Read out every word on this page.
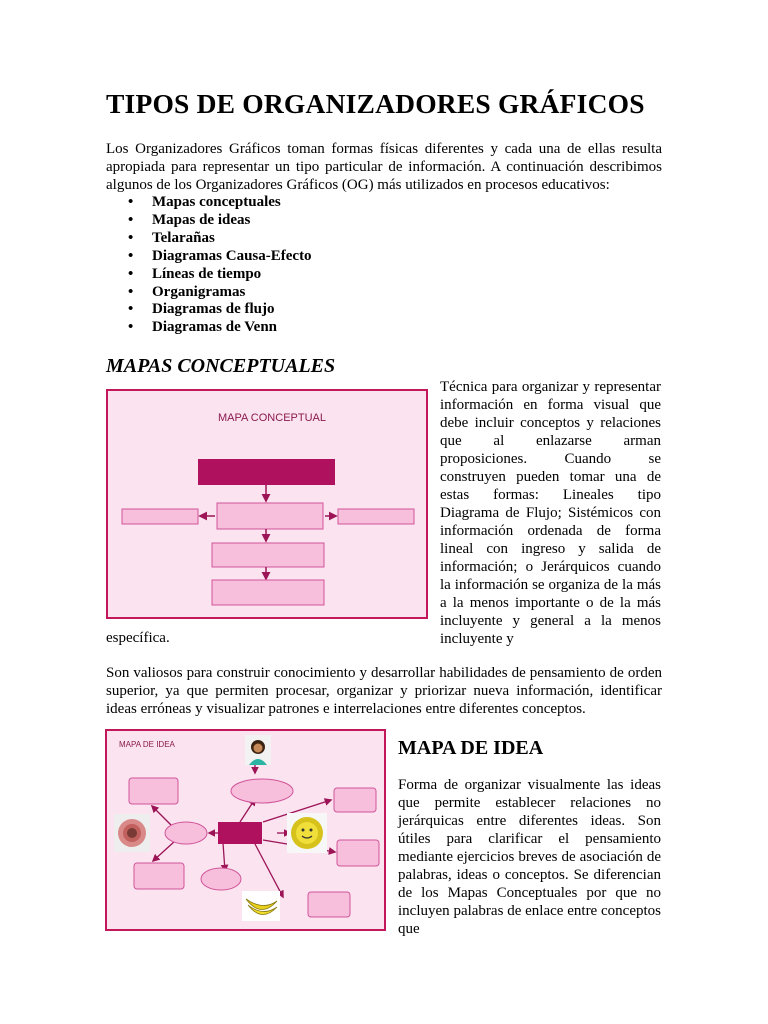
TIPOS DE ORGANIZADORES GRÁFICOS

Los Organizadores Gráficos toman formas físicas diferentes y cada una de ellas resulta apropiada para representar un tipo particular de información. A continuación describimos algunos de los Organizadores Gráficos (OG) más utilizados en procesos educativos:

• Mapas conceptuales
• Mapas de ideas
• Telarañas
• Diagramas Causa-Efecto
• Líneas de tiempo
• Organigramas
• Diagramas de flujo
• Diagramas de Venn
MAPAS CONCEPTUALES
MAPA CONCEPTUAL

Técnica para organizar y representar información en forma visual que debe incluir conceptos y relaciones que al enlazarse arman proposiciones. Cuando se construyen pueden tomar una de estas formas: Lineales tipo Diagrama de Flujo; Sistémicos con información ordenada de forma lineal con ingreso y salida de información; o Jerárquicos cuando la información se organiza de la más a la menos importante o de la más incluyente y general a la menos incluyente y

específica.

Son valiosos para construir conocimiento y desarrollar habilidades de pensamiento de orden superior, ya que permiten procesar, organizar y priorizar nueva información, identificar ideas erróneas y visualizar patrones e interrelaciones entre diferentes conceptos.

MAPA DE IDEA	MAPA DE IDEA

Forma de organizar visualmente las ideas que permite establecer relaciones no jerárquicas entre diferentes ideas. Son útiles para clarificar el pensamiento mediante ejercicios breves de asociación de palabras, ideas o conceptos. Se diferencian de los Mapas Conceptuales por que no incluyen palabras de enlace entre conceptos que
